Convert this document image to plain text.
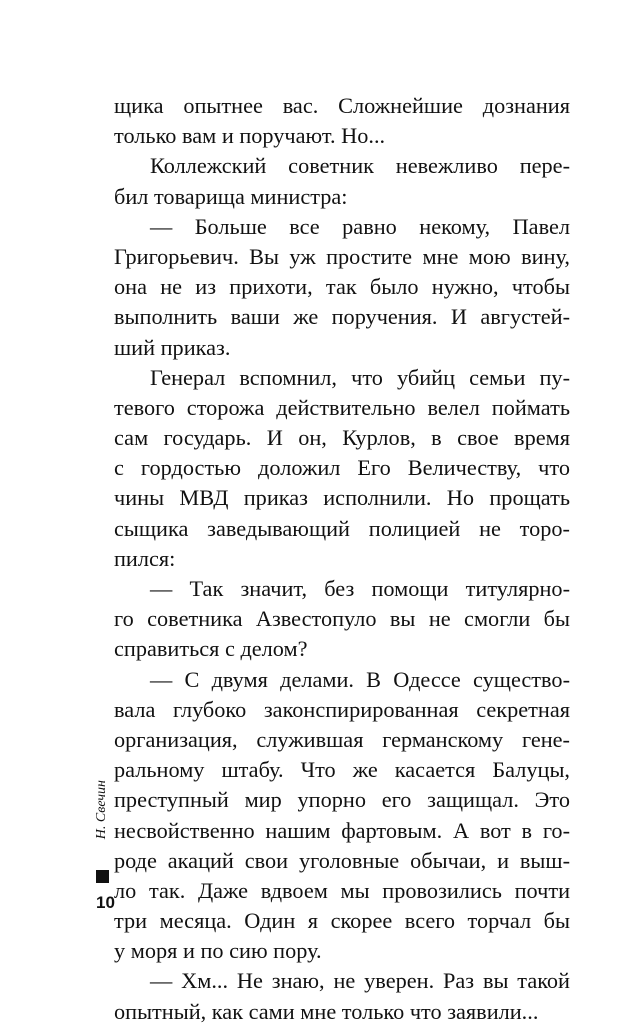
щика опытнее вас. Сложнейшие дознания
только вам и поручают. Но...
Коллежский советник невежливо пере-
бил товарища министра:
— Больше все равно некому, Павел
Григорьевич. Вы уж простите мне мою вину,
она не из прихоти, так было нужно, чтобы
выполнить ваши же поручения. И августей-
ший приказ.
Генерал вспомнил, что убийц семьи пу-
тевого сторожа действительно велел поймать
сам государь. И он, Курлов, в свое время
с гордостью доложил Его Величеству, что
чины МВД приказ исполнили. Но прощать
сыщика заведывающий полицией не торо-
пился:
— Так значит, без помощи титулярно-
го советника Азвестопуло вы не смогли бы
справиться с делом?
— С двумя делами. В Одессе существо-
вала глубоко законспирированная секретная
организация, служившая германскому гене-
ральному штабу. Что же касается Балуцы,
преступный мир упорно его защищал. Это
несвойственно нашим фартовым. А вот в го-
роде акаций свои уголовные обычаи, и выш-
ло так. Даже вдвоем мы провозились почти
три месяца. Один я скорее всего торчал бы
у моря и по сию пору.
— Хм... Не знаю, не уверен. Раз вы такой
опытный, как сами мне только что заявили...
Н. Свечин
10
